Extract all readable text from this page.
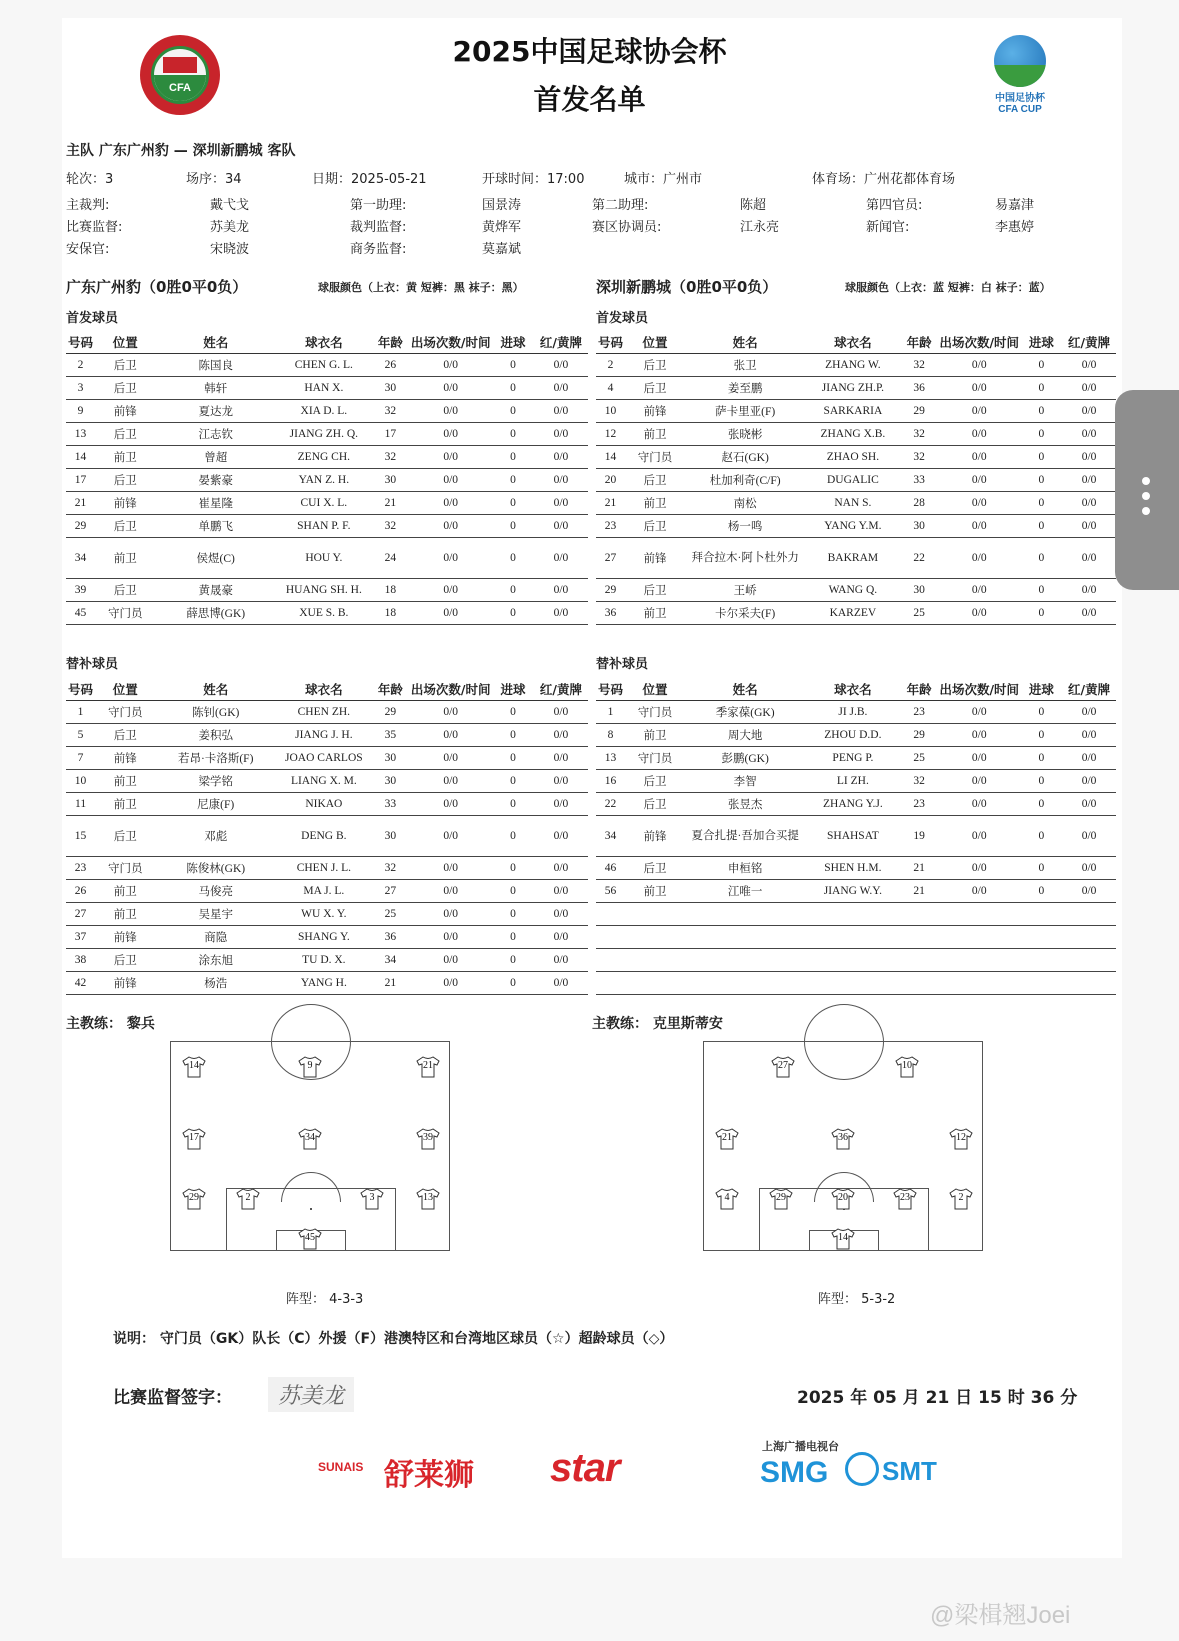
CFA
中国足协杯
CFA CUP
2025中国足球协会杯
首发名单
主队 广东广州豹 — 深圳新鹏城 客队
轮次：3	场序：34	日期：2025-05-21	开球时间：17:00	城市：广州市	体育场：广州花都体育场
主裁判:	戴弋戈	第一助理:	国景涛	第二助理:	陈超	第四官员:	易嘉津
比赛监督:	苏美龙	裁判监督:	黄烨军	赛区协调员:	江永亮	新闻官:	李惠婷
安保官:	宋晓波	商务监督:	莫嘉斌
广东广州豹（0胜0平0负）	球服颜色（上衣：黄 短裤：黑 袜子：黑）	深圳新鹏城（0胜0平0负）	球服颜色（上衣：蓝 短裤：白 袜子：蓝）
首发球员	首发球员
号码	位置	姓名	球衣名	年龄	出场次数/时间	进球	红/黄牌
2	后卫	陈国良	CHEN G. L.	26	0/0	0	0/0
3	后卫	韩轩	HAN X.	30	0/0	0	0/0
9	前锋	夏达龙	XIA D. L.	32	0/0	0	0/0
13	后卫	江志钦	JIANG ZH. Q.	17	0/0	0	0/0
14	前卫	曾超	ZENG CH.	32	0/0	0	0/0
17	后卫	晏紫豪	YAN Z. H.	30	0/0	0	0/0
21	前锋	崔星隆	CUI X. L.	21	0/0	0	0/0
29	后卫	单鹏飞	SHAN P. F.	32	0/0	0	0/0
34	前卫	侯煜(C)	HOU Y.	24	0/0	0	0/0
39	后卫	黄晟豪	HUANG SH. H.	18	0/0	0	0/0
45	守门员	薛思博(GK)	XUE S. B.	18	0/0	0	0/0
号码	位置	姓名	球衣名	年龄	出场次数/时间	进球	红/黄牌
2	后卫	张卫	ZHANG W.	32	0/0	0	0/0
4	后卫	姜至鹏	JIANG ZH.P.	36	0/0	0	0/0
10	前锋	萨卡里亚(F)	SARKARIA	29	0/0	0	0/0
12	前卫	张晓彬	ZHANG X.B.	32	0/0	0	0/0
14	守门员	赵石(GK)	ZHAO SH.	32	0/0	0	0/0
20	后卫	杜加利奇(C/F)	DUGALIC	33	0/0	0	0/0
21	前卫	南松	NAN S.	28	0/0	0	0/0
23	后卫	杨一鸣	YANG Y.M.	30	0/0	0	0/0
27	前锋	拜合拉木·阿卜杜外力	BAKRAM	22	0/0	0	0/0
29	后卫	王峤	WANG Q.	30	0/0	0	0/0
36	前卫	卡尔采夫(F)	KARZEV	25	0/0	0	0/0
替补球员	替补球员
号码	位置	姓名	球衣名	年龄	出场次数/时间	进球	红/黄牌
1	守门员	陈钊(GK)	CHEN ZH.	29	0/0	0	0/0
5	后卫	姜积弘	JIANG J. H.	35	0/0	0	0/0
7	前锋	若昂·卡洛斯(F)	JOAO CARLOS	30	0/0	0	0/0
10	前卫	梁学铭	LIANG X. M.	30	0/0	0	0/0
11	前卫	尼康(F)	NIKAO	33	0/0	0	0/0
15	后卫	邓彪	DENG B.	30	0/0	0	0/0
23	守门员	陈俊林(GK)	CHEN J. L.	32	0/0	0	0/0
26	前卫	马俊亮	MA J. L.	27	0/0	0	0/0
27	前卫	吴星宇	WU X. Y.	25	0/0	0	0/0
37	前锋	商隐	SHANG Y.	36	0/0	0	0/0
38	后卫	涂东旭	TU D. X.	34	0/0	0	0/0
42	前锋	杨浩	YANG H.	21	0/0	0	0/0
号码	位置	姓名	球衣名	年龄	出场次数/时间	进球	红/黄牌
1	守门员	季家葆(GK)	JI J.B.	23	0/0	0	0/0
8	前卫	周大地	ZHOU D.D.	29	0/0	0	0/0
13	守门员	彭鹏(GK)	PENG P.	25	0/0	0	0/0
16	后卫	李智	LI ZH.	32	0/0	0	0/0
22	后卫	张昱杰	ZHANG Y.J.	23	0/0	0	0/0
34	前锋	夏合扎提·吾加合买提	SHAHSAT	19	0/0	0	0/0
46	后卫	申桓铭	SHEN H.M.	21	0/0	0	0/0
56	前卫	江唯一	JIANG W.Y.	21	0/0	0	0/0

主教练： 黎兵	主教练： 克里斯蒂安
14	9	21
17	34	39
29	2	3	13
45
27	10
21	36	12
4	29	20	23	2
14
阵型： 4-3-3	阵型： 5-3-2
说明： 守门员（GK）队长（C）外援（F）港澳特区和台湾地区球员（☆）超龄球员（◇）
比赛监督签字：	苏美龙	2025 年 05 月 21 日 15 时 36 分
SUNAIS 舒莱狮 star	上海广播电视台
SMG SMT
@梁楫翘Joei
